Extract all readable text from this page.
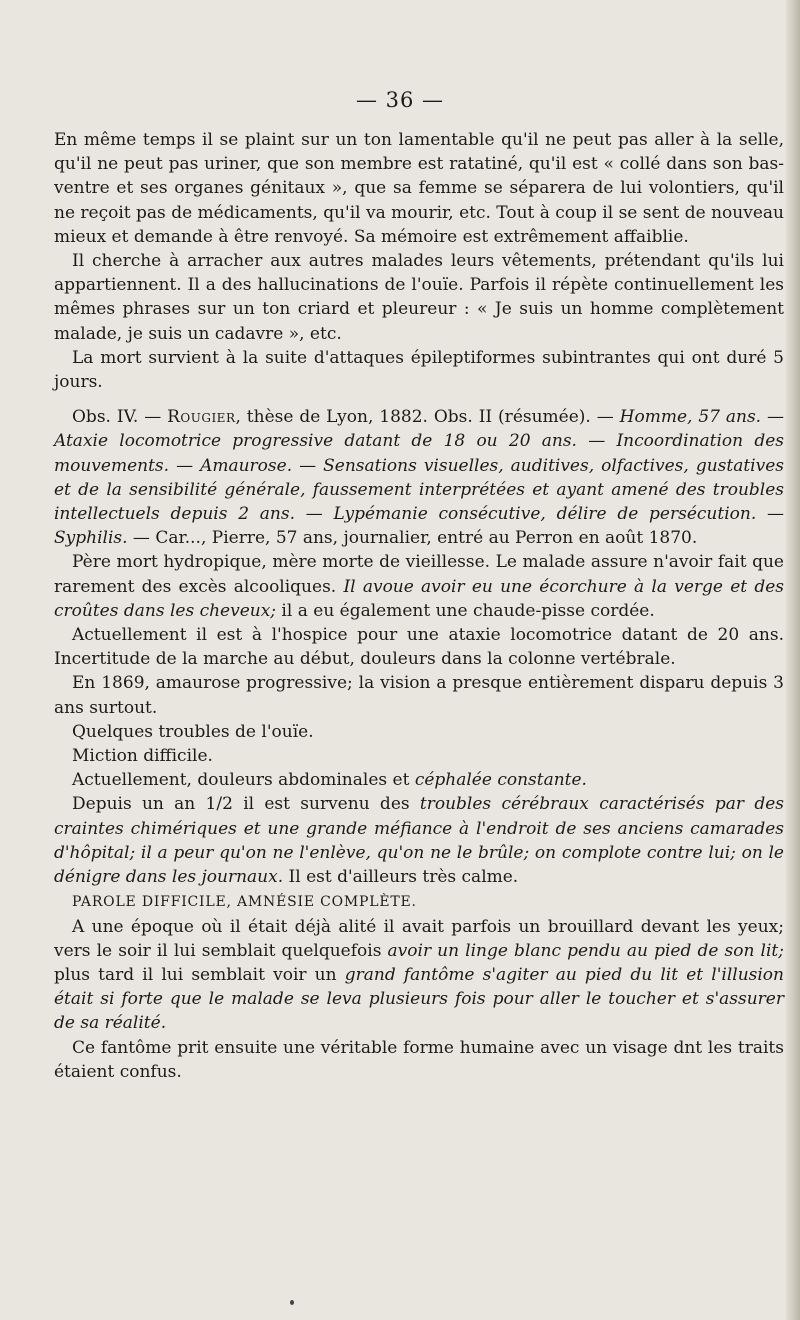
— 36 —

En même temps il se plaint sur un ton lamentable qu'il ne peut pas aller à la selle, qu'il ne peut pas uriner, que son membre est ratatiné, qu'il est « collé dans son bas-ventre et ses organes génitaux », que sa femme se séparera de lui volontiers, qu'il ne reçoit pas de médicaments, qu'il va mourir, etc. Tout à coup il se sent de nouveau mieux et demande à être renvoyé. Sa mémoire est extrêmement affaiblie.

Il cherche à arracher aux autres malades leurs vêtements, prétendant qu'ils lui appartiennent. Il a des hallucinations de l'ouïe. Parfois il répète continuellement les mêmes phrases sur un ton criard et pleureur : « Je suis un homme complètement malade, je suis un cadavre », etc.

La mort survient à la suite d'attaques épileptiformes subintrantes qui ont duré 5 jours.

Obs. IV. — Rougier, thèse de Lyon, 1882. Obs. II (résumée). — Homme, 57 ans. — Ataxie locomotrice progressive datant de 18 ou 20 ans. — Incoordination des mouvements. — Amaurose. — Sensations visuelles, auditives, olfactives, gustatives et de la sensibilité générale, faussement interprétées et ayant amené des troubles intellectuels depuis 2 ans. — Lypémanie consécutive, délire de persécution. — Syphilis. — Car..., Pierre, 57 ans, journalier, entré au Perron en août 1870.

Père mort hydropique, mère morte de vieillesse. Le malade assure n'avoir fait que rarement des excès alcooliques. Il avoue avoir eu une écorchure à la verge et des croûtes dans les cheveux; il a eu également une chaude-pisse cordée.

Actuellement il est à l'hospice pour une ataxie locomotrice datant de 20 ans. Incertitude de la marche au début, douleurs dans la colonne vertébrale.

En 1869, amaurose progressive; la vision a presque entièrement disparu depuis 3 ans surtout.

Quelques troubles de l'ouïe.

Miction difficile.

Actuellement, douleurs abdominales et céphalée constante.

Depuis un an 1/2 il est survenu des troubles cérébraux caractérisés par des craintes chimériques et une grande méfiance à l'endroit de ses anciens camarades d'hôpital; il a peur qu'on ne l'enlève, qu'on ne le brûle; on complote contre lui; on le dénigre dans les journaux. Il est d'ailleurs très calme.

PAROLE DIFFICILE, AMNÉSIE COMPLÈTE.

A une époque où il était déjà alité il avait parfois un brouillard devant les yeux; vers le soir il lui semblait quelquefois avoir un linge blanc pendu au pied de son lit; plus tard il lui semblait voir un grand fantôme s'agiter au pied du lit et l'illusion était si forte que le malade se leva plusieurs fois pour aller le toucher et s'assurer de sa réalité.

Ce fantôme prit ensuite une véritable forme humaine avec un visage dnt les traits étaient confus.
